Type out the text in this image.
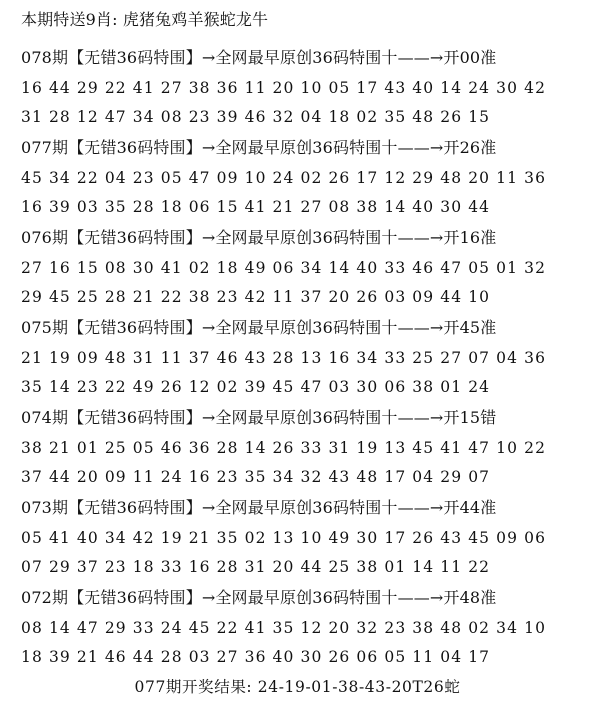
本期特送9肖: 虎猪兔鸡羊猴蛇龙牛
078期【无错36码特围】→全网最早原创36码特围十——→开00准
16 44 29 22 41 27 38 36 11 20 10 05 17 43 40 14 24 30 42
31 28 12 47 34 08 23 39 46 32 04 18 02 35 48 26 15
077期【无错36码特围】→全网最早原创36码特围十——→开26准
45 34 22 04 23 05 47 09 10 24 02 26 17 12 29 48 20 11 36
16 39 03 35 28 18 06 15 41 21 27 08 38 14 40 30 44
076期【无错36码特围】→全网最早原创36码特围十——→开16准
27 16 15 08 30 41 02 18 49 06 34 14 40 33 46 47 05 01 32
29 45 25 28 21 22 38 23 42 11 37 20 26 03 09 44 10
075期【无错36码特围】→全网最早原创36码特围十——→开45准
21 19 09 48 31 11 37 46 43 28 13 16 34 33 25 27 07 04 36
35 14 23 22 49 26 12 02 39 45 47 03 30 06 38 01 24
074期【无错36码特围】→全网最早原创36码特围十——→开15错
38 21 01 25 05 46 36 28 14 26 33 31 19 13 45 41 47 10 22
37 44 20 09 11 24 16 23 35 34 32 43 48 17 04 29 07
073期【无错36码特围】→全网最早原创36码特围十——→开44准
05 41 40 34 42 19 21 35 02 13 10 49 30 17 26 43 45 09 06
07 29 37 23 18 33 16 28 31 20 44 25 38 01 14 11 22
072期【无错36码特围】→全网最早原创36码特围十——→开48准
08 14 47 29 33 24 45 22 41 35 12 20 32 23 38 48 02 34 10
18 39 21 46 44 28 03 27 36 40 30 26 06 05 11 04 17
077期开奖结果: 24-19-01-38-43-20T26蛇
